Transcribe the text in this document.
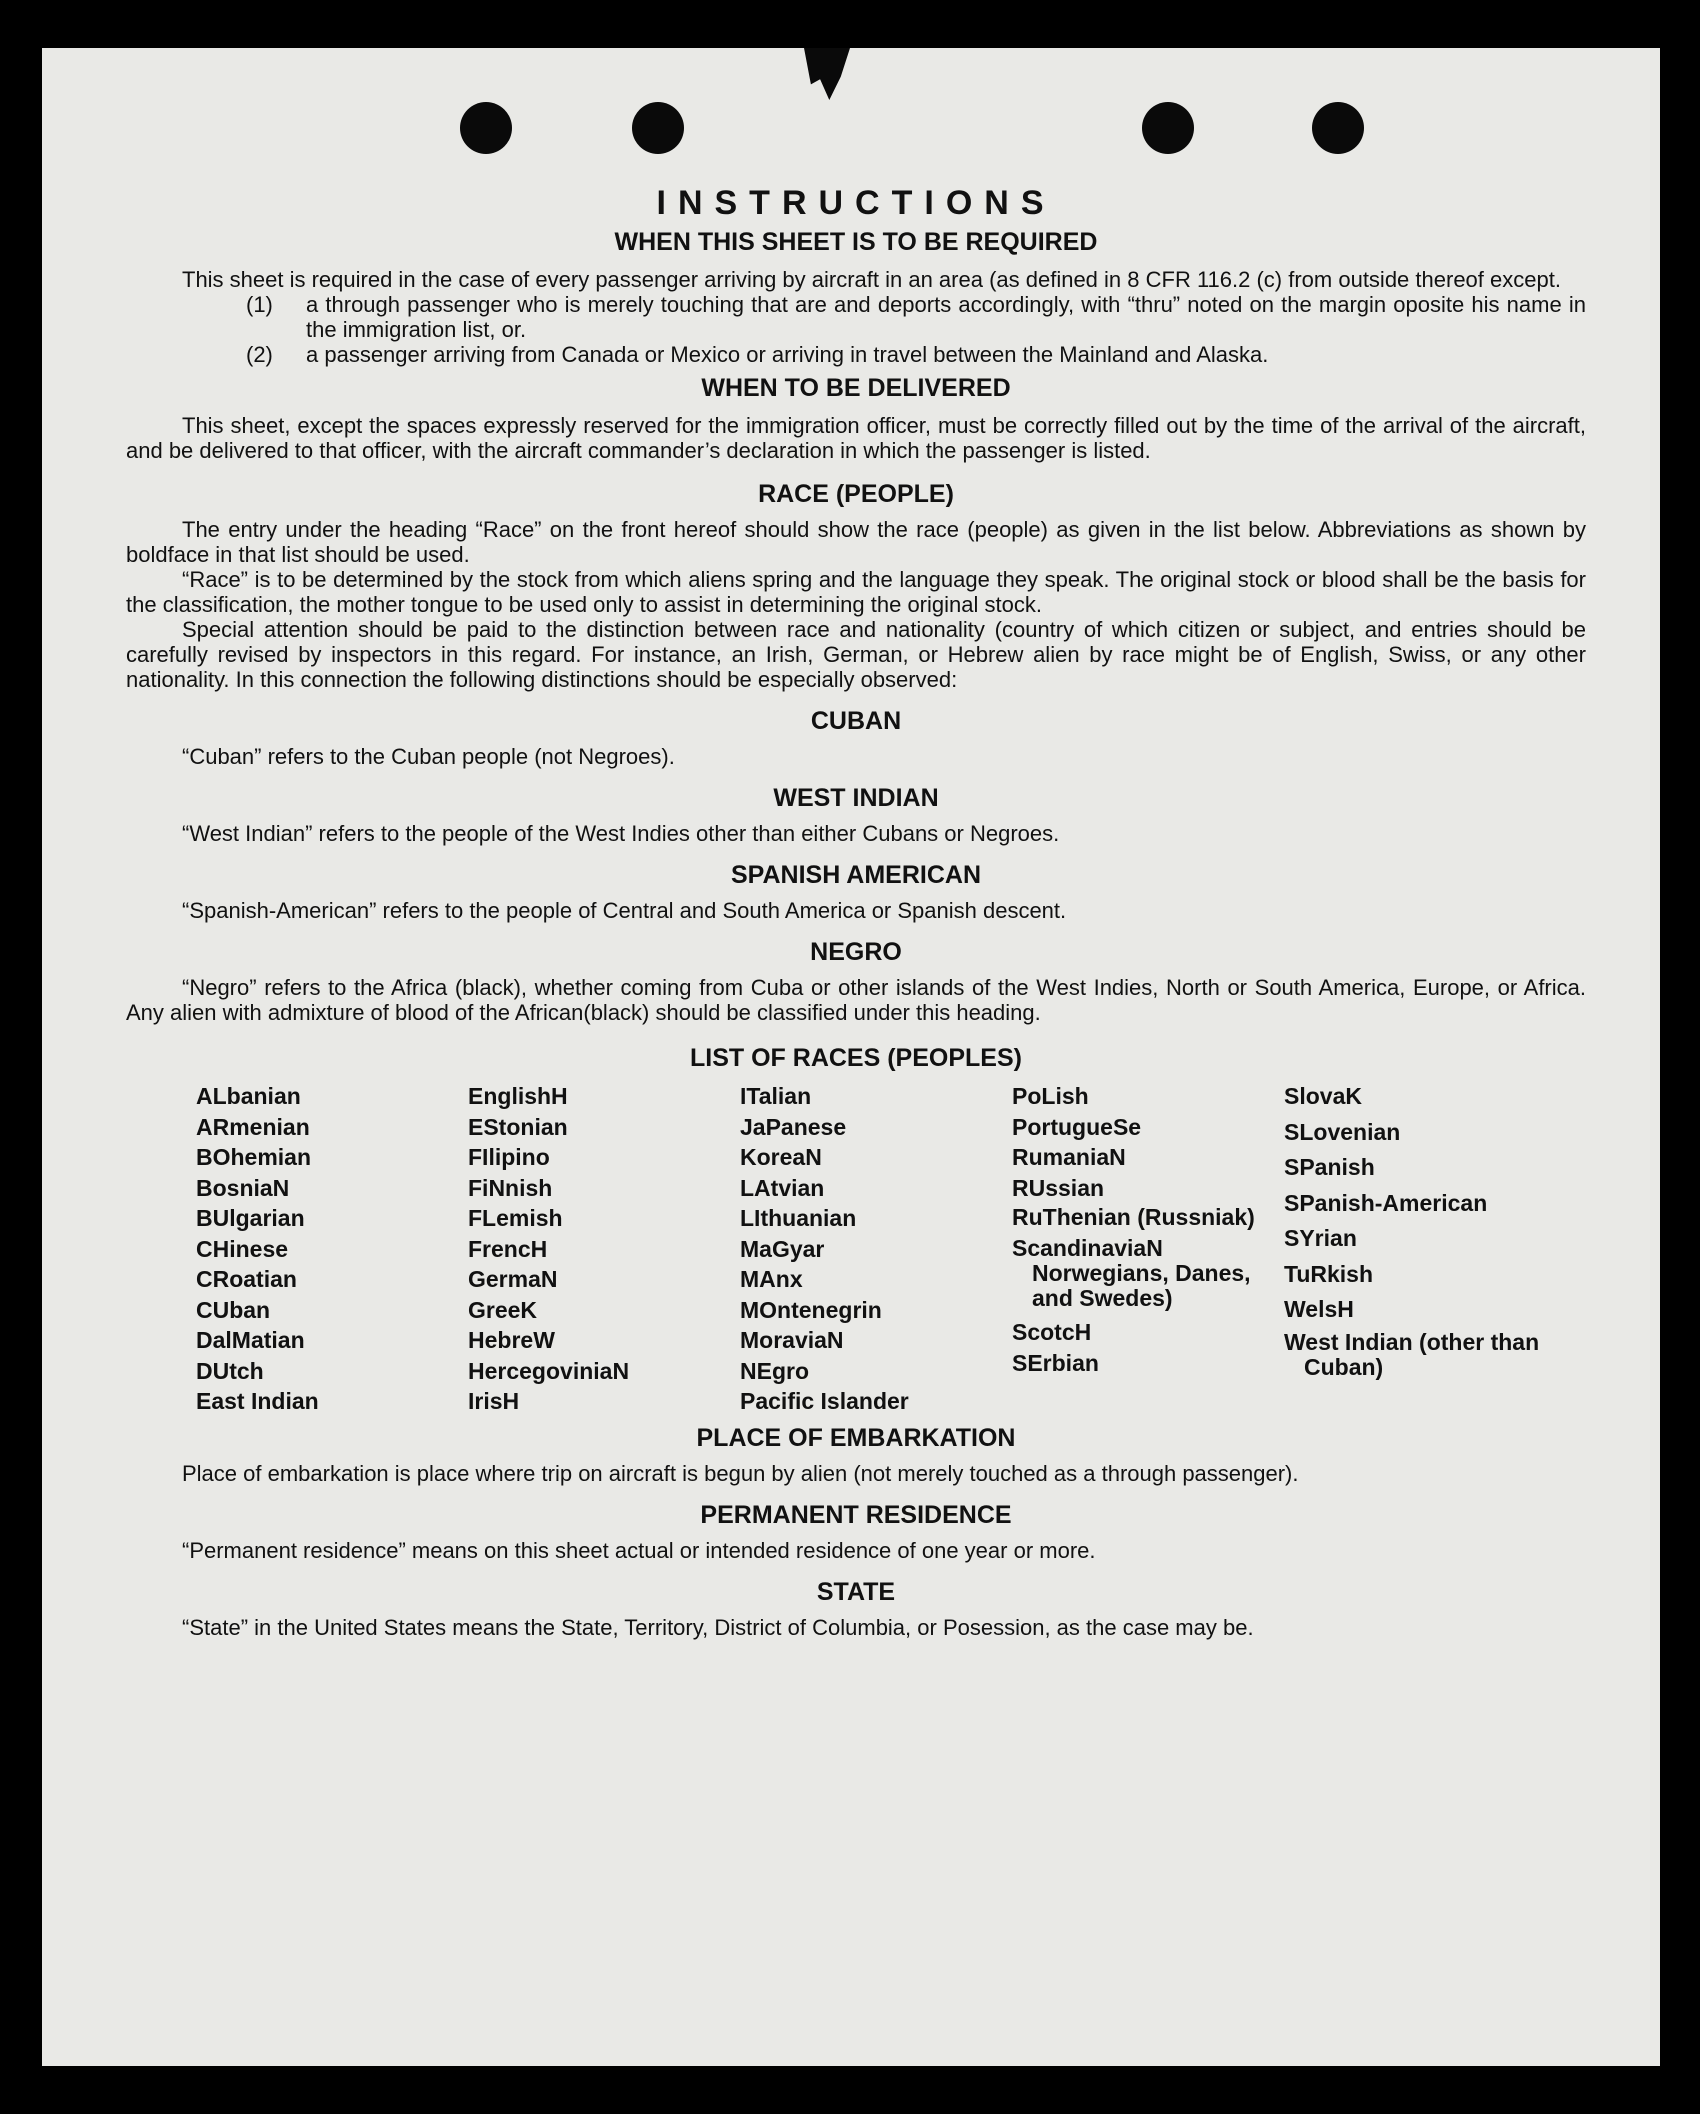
INSTRUCTIONS
WHEN THIS SHEET IS TO BE REQUIRED

This sheet is required in the case of every passenger arriving by aircraft in an area (as defined in 8 CFR 116.2 (c) from outside thereof except.

(1) a through passenger who is merely touching that are and deports accordingly, with “thru” noted on the margin oposite his name in the immigration list, or.

(2) a passenger arriving from Canada or Mexico or arriving in travel between the Mainland and Alaska.

WHEN TO BE DELIVERED

This sheet, except the spaces expressly reserved for the immigration officer, must be correctly filled out by the time of the arrival of the aircraft, and be delivered to that officer, with the aircraft commander’s declaration in which the passenger is listed.

RACE (PEOPLE)

The entry under the heading “Race” on the front hereof should show the race (people) as given in the list below. Abbreviations as shown by boldface in that list should be used.

“Race” is to be determined by the stock from which aliens spring and the language they speak. The original stock or blood shall be the basis for the classification, the mother tongue to be used only to assist in determining the original stock.

Special attention should be paid to the distinction between race and nationality (country of which citizen or subject, and entries should be carefully revised by inspectors in this regard. For instance, an Irish, German, or Hebrew alien by race might be of English, Swiss, or any other nationality. In this connection the following distinctions should be especially observed:

CUBAN

“Cuban” refers to the Cuban people (not Negroes).

WEST INDIAN

“West Indian” refers to the people of the West Indies other than either Cubans or Negroes.

SPANISH AMERICAN

“Spanish-American” refers to the people of Central and South America or Spanish descent.

NEGRO

“Negro” refers to the Africa (black), whether coming from Cuba or other islands of the West Indies, North or South America, Europe, or Africa. Any alien with admixture of blood of the African(black) should be classified under this heading.

LIST OF RACES (PEOPLES)

ALbanian

ARmenian

BOhemian

BosniaN

BUlgarian

CHinese

CRoatian

CUban

DalMatian

DUtch

East Indian

EnglishH

EStonian

FIlipino

FiNnish

FLemish

FrencH

GermaN

GreeK

HebreW

HercegoviniaN

IrisH

ITalian

JaPanese

KoreaN

LAtvian

LIthuanian

MaGyar

MAnx

MOntenegrin

MoraviaN

NEgro

Pacific Islander

PoLish

PortugueSe

RumaniaN

RUssian

RuThenian (Russniak)

ScandinaviaN Norwegians, Danes, and Swedes)

ScotcH

SErbian

SlovaK

SLovenian

SPanish

SPanish-American

SYrian

TuRkish

WelsH

West Indian (other than Cuban)

PLACE OF EMBARKATION

Place of embarkation is place where trip on aircraft is begun by alien (not merely touched as a through passenger).

PERMANENT RESIDENCE

“Permanent residence” means on this sheet actual or intended residence of one year or more.

STATE

“State” in the United States means the State, Territory, District of Columbia, or Posession, as the case may be.
